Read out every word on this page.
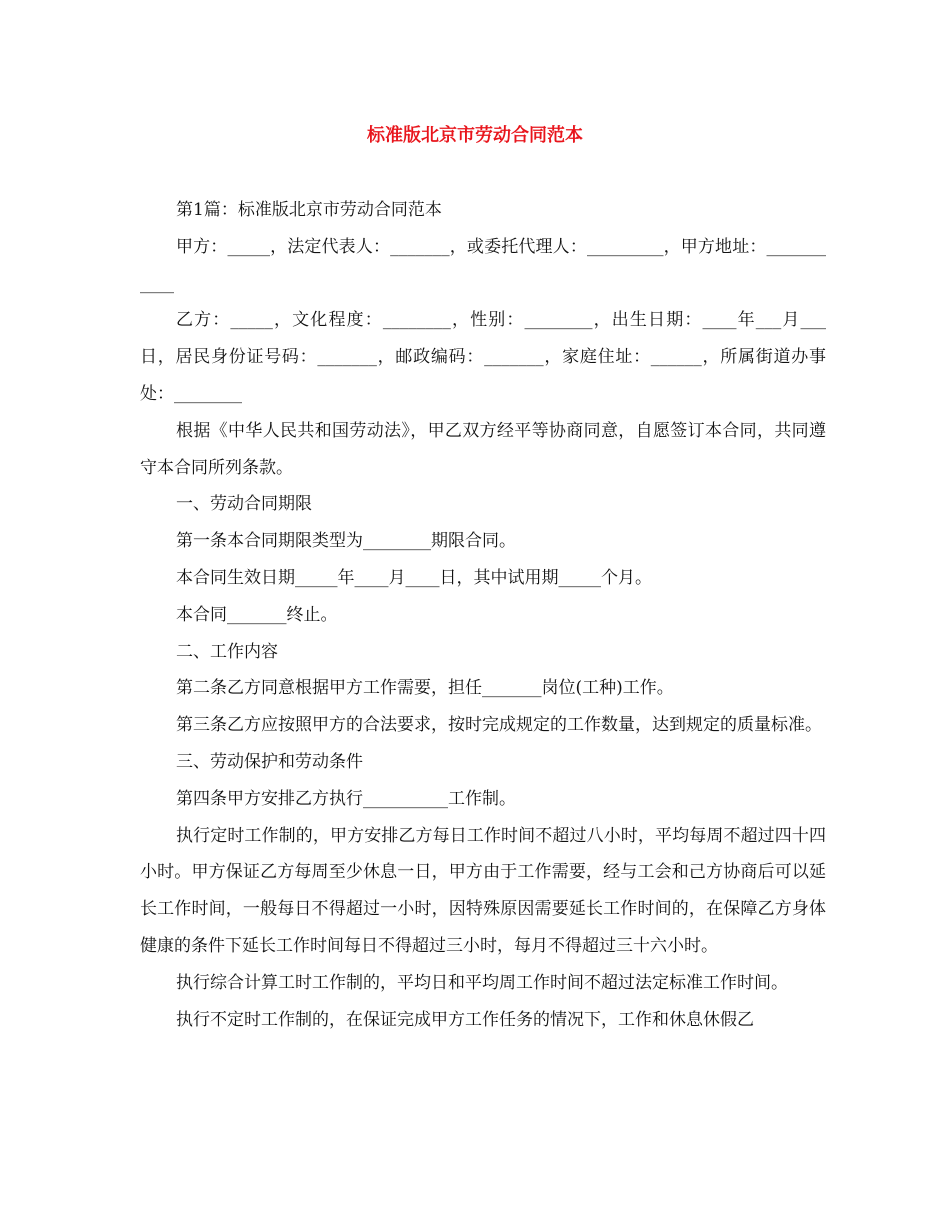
标准版北京市劳动合同范本

第1篇：标准版北京市劳动合同范本

甲方：_____，法定代表人：_______，或委托代理人：_________，甲方地址：___________

乙方：_____，文化程度：________，性别：________，出生日期：____年___月___日，居民身份证号码：_______，邮政编码：_______，家庭住址：______，所属街道办事处：________

根据《中华人民共和国劳动法》，甲乙双方经平等协商同意，自愿签订本合同，共同遵守本合同所列条款。

一、劳动合同期限

第一条本合同期限类型为________期限合同。

本合同生效日期_____年____月____日，其中试用期_____个月。

本合同_______终止。

二、工作内容

第二条乙方同意根据甲方工作需要，担任_______岗位(工种)工作。

第三条乙方应按照甲方的合法要求，按时完成规定的工作数量，达到规定的质量标准。

三、劳动保护和劳动条件

第四条甲方安排乙方执行__________工作制。

执行定时工作制的，甲方安排乙方每日工作时间不超过八小时，平均每周不超过四十四小时。甲方保证乙方每周至少休息一日，甲方由于工作需要，经与工会和己方协商后可以延长工作时间，一般每日不得超过一小时，因特殊原因需要延长工作时间的，在保障乙方身体健康的条件下延长工作时间每日不得超过三小时，每月不得超过三十六小时。

执行综合计算工时工作制的，平均日和平均周工作时间不超过法定标准工作时间。

执行不定时工作制的，在保证完成甲方工作任务的情况下，工作和休息休假乙
